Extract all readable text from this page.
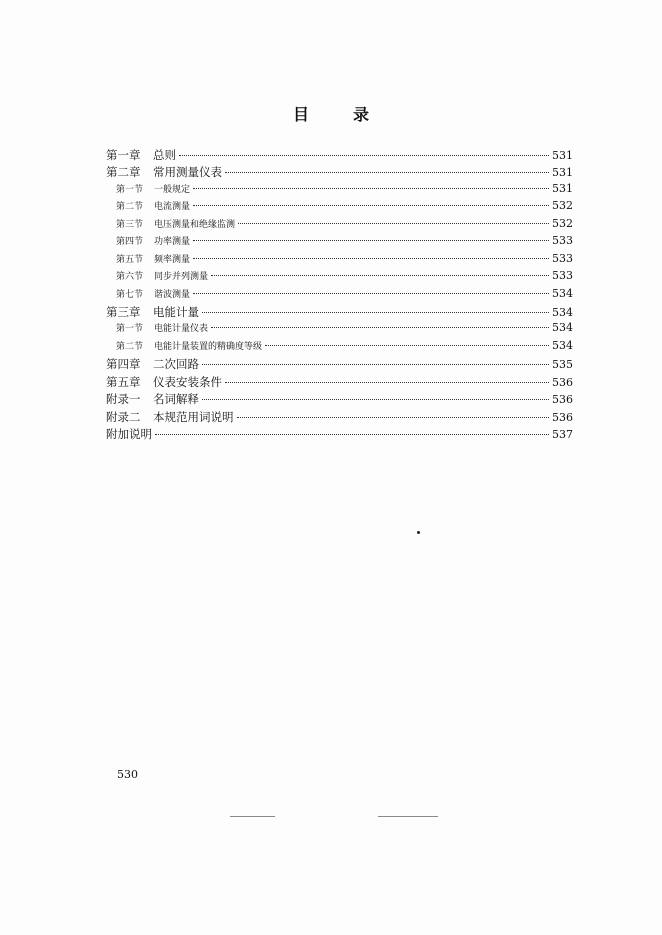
目	录
第一章	总则	531
第二章	常用测量仪表	531
第一节	一般规定	531
第二节	电流测量	532
第三节	电压测量和绝缘监测	532
第四节	功率测量	533
第五节	频率测量	533
第六节	同步并列测量	533
第七节	谐波测量	534
第三章	电能计量	534
第一节	电能计量仪表	534
第二节	电能计量装置的精确度等级	534
第四章	二次回路	535
第五章	仪表安装条件	536
附录一	名词解释	536
附录二	本规范用词说明	536
附加说明	537
530
